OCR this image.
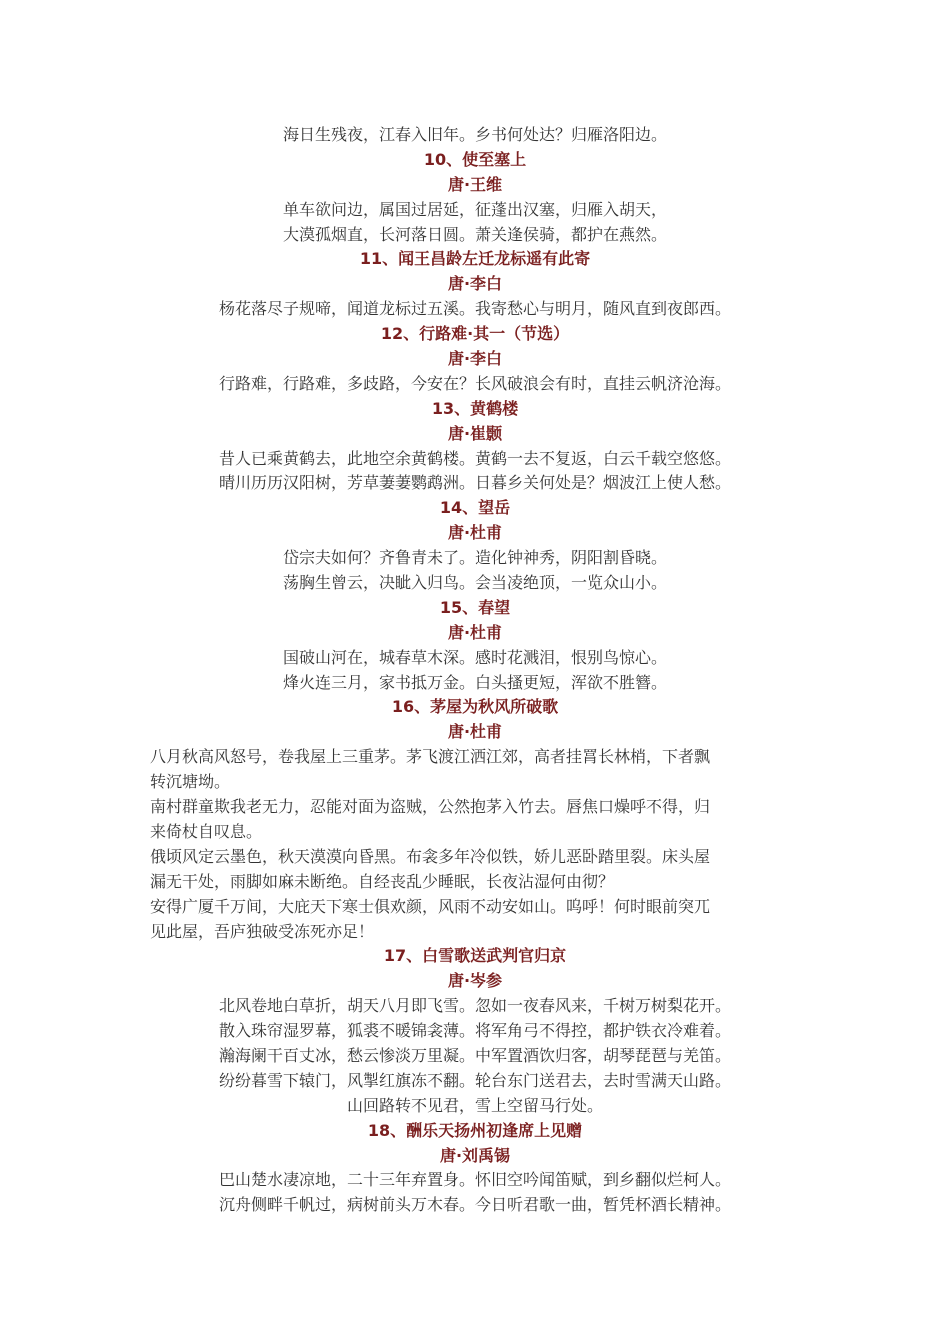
海日生残夜，江春入旧年。乡书何处达？归雁洛阳边。
10、使至塞上
唐·王维
单车欲问边，属国过居延，征蓬出汉塞，归雁入胡天，
大漠孤烟直，长河落日圆。萧关逢侯骑，都护在燕然。
11、闻王昌龄左迁龙标遥有此寄
唐·李白
杨花落尽子规啼，闻道龙标过五溪。我寄愁心与明月，随风直到夜郎西。
12、行路难·其一（节选）
唐·李白
行路难，行路难，多歧路，今安在？长风破浪会有时，直挂云帆济沧海。
13、黄鹤楼
唐·崔颢
昔人已乘黄鹤去，此地空余黄鹤楼。黄鹤一去不复返，白云千载空悠悠。
晴川历历汉阳树，芳草萋萋鹦鹉洲。日暮乡关何处是？烟波江上使人愁。
14、望岳
唐·杜甫
岱宗夫如何？齐鲁青未了。造化钟神秀，阴阳割昏晓。
荡胸生曾云，决眦入归鸟。会当凌绝顶，一览众山小。
15、春望
唐·杜甫
国破山河在，城春草木深。感时花溅泪，恨别鸟惊心。
烽火连三月，家书抵万金。白头搔更短，浑欲不胜簪。
16、茅屋为秋风所破歌
唐·杜甫
八月秋高风怒号，卷我屋上三重茅。茅飞渡江洒江郊，高者挂罥长林梢，下者飘
转沉塘坳。
南村群童欺我老无力，忍能对面为盗贼，公然抱茅入竹去。唇焦口燥呼不得，归
来倚杖自叹息。
俄顷风定云墨色，秋天漠漠向昏黑。布衾多年冷似铁，娇儿恶卧踏里裂。床头屋
漏无干处，雨脚如麻未断绝。自经丧乱少睡眠，长夜沾湿何由彻？
安得广厦千万间，大庇天下寒士俱欢颜，风雨不动安如山。呜呼！何时眼前突兀
见此屋，吾庐独破受冻死亦足！
17、白雪歌送武判官归京
唐·岑参
北风卷地白草折，胡天八月即飞雪。忽如一夜春风来，千树万树梨花开。
散入珠帘湿罗幕，狐裘不暖锦衾薄。将军角弓不得控，都护铁衣冷难着。
瀚海阑干百丈冰，愁云惨淡万里凝。中军置酒饮归客，胡琴琵琶与羌笛。
纷纷暮雪下辕门，风掣红旗冻不翻。轮台东门送君去，去时雪满天山路。
山回路转不见君，雪上空留马行处。
18、酬乐天扬州初逢席上见赠
唐·刘禹锡
巴山楚水凄凉地，二十三年弃置身。怀旧空吟闻笛赋，到乡翻似烂柯人。
沉舟侧畔千帆过，病树前头万木春。今日听君歌一曲，暂凭杯酒长精神。
